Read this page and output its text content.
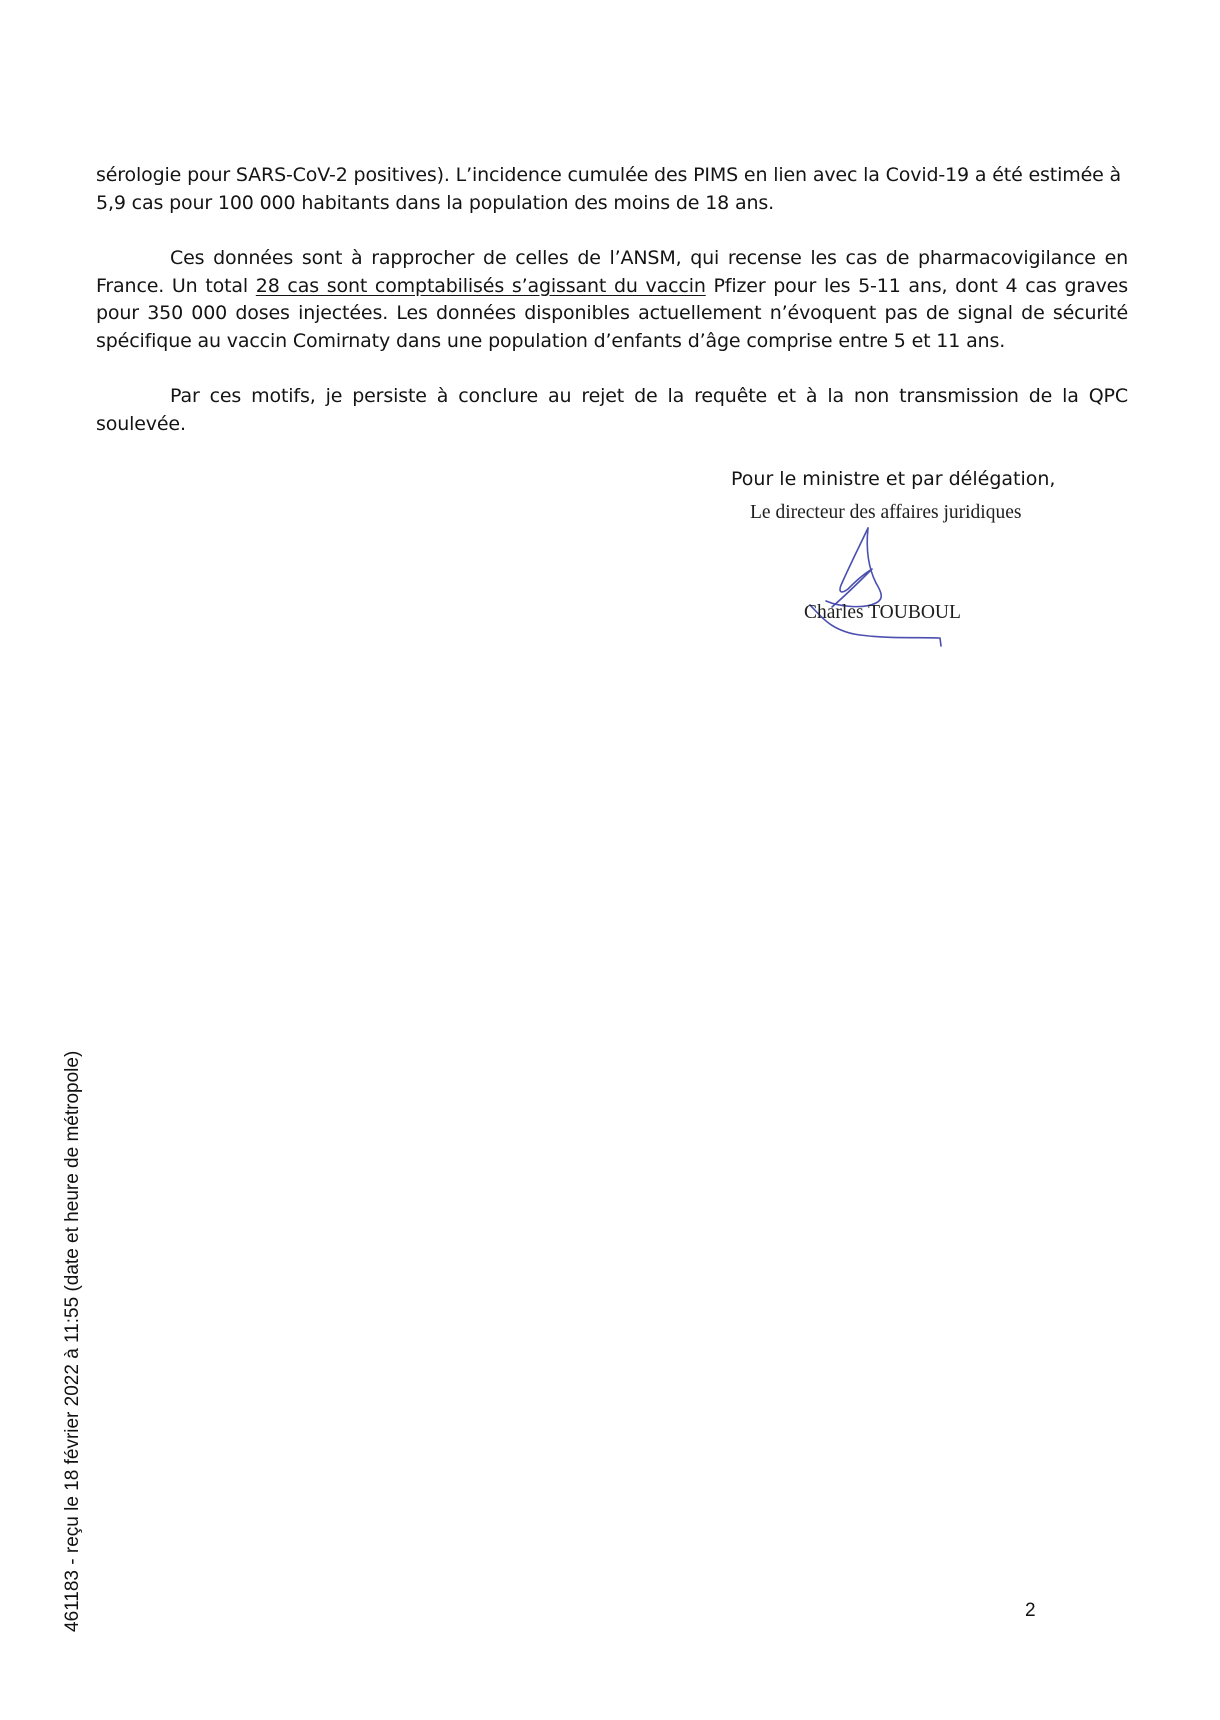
sérologie pour SARS-CoV-2 positives). L’incidence cumulée des PIMS en lien avec la Covid-19 a été estimée à 5,9 cas pour 100 000 habitants dans la population des moins de 18 ans.

Ces données sont à rapprocher de celles de l’ANSM, qui recense les cas de pharmacovigilance en France. Un total 28 cas sont comptabilisés s’agissant du vaccin Pfizer pour les 5-11 ans, dont 4 cas graves pour 350 000 doses injectées. Les données disponibles actuellement n’évoquent pas de signal de sécurité spécifique au vaccin Comirnaty dans une population d’enfants d’âge comprise entre 5 et 11 ans.

Par ces motifs, je persiste à conclure au rejet de la requête et à la non transmission de la QPC soulevée.

Pour le ministre et par délégation,

Le directeur des affaires juridiques

Charles TOUBOUL

461183 - reçu le 18 février 2022 à 11:55 (date et heure de métropole)	2
